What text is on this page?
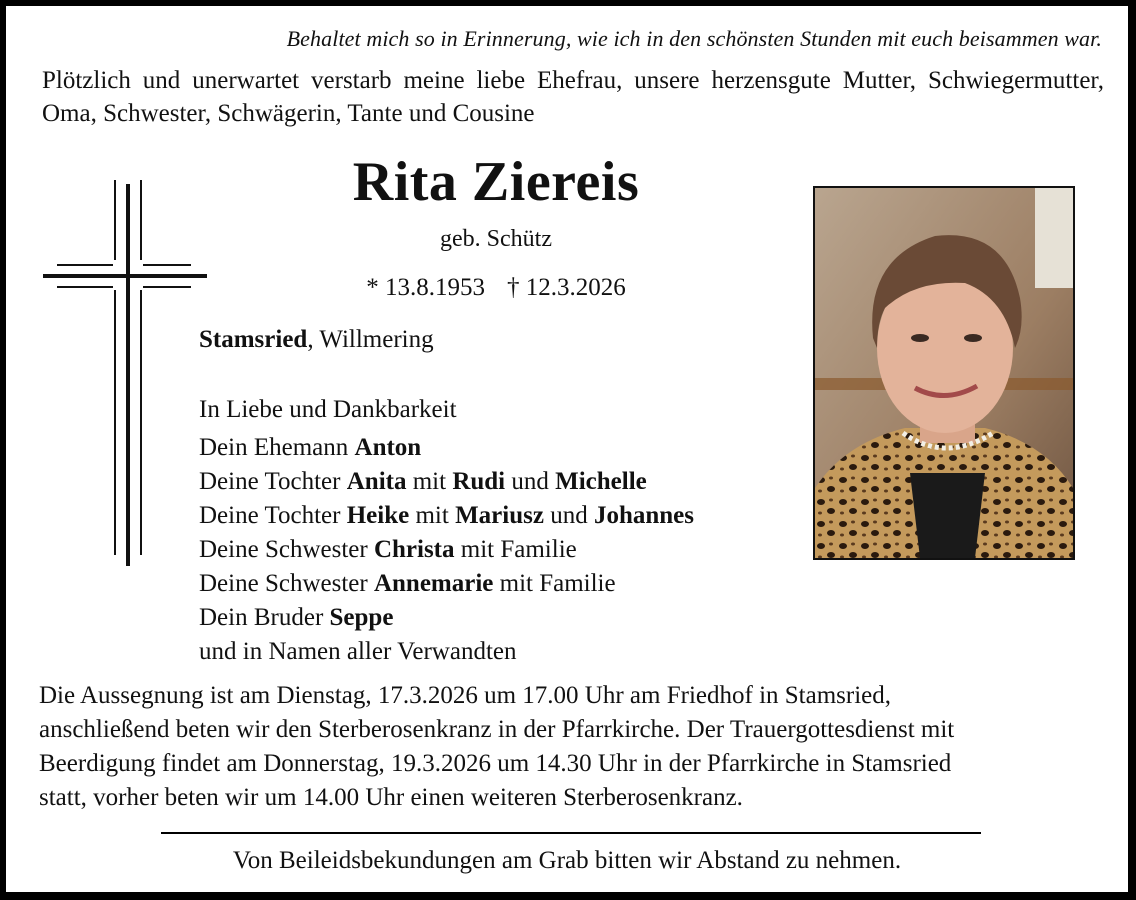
Behaltet mich so in Erinnerung, wie ich in den schönsten Stunden mit euch beisammen war.
Plötzlich und unerwartet verstarb meine liebe Ehefrau, unsere herzensgute Mutter, Schwiegermutter, Oma, Schwester, Schwägerin, Tante und Cousine
Rita Ziereis
geb. Schütz
* 13.8.1953 † 12.3.2026
Stamsried, Willmering
In Liebe und Dankbarkeit
Dein Ehemann Anton
Deine Tochter Anita mit Rudi und Michelle
Deine Tochter Heike mit Mariusz und Johannes
Deine Schwester Christa mit Familie
Deine Schwester Annemarie mit Familie
Dein Bruder Seppe
und in Namen aller Verwandten
Die Aussegnung ist am Dienstag, 17.3.2026 um 17.00 Uhr am Friedhof in Stamsried,
anschließend beten wir den Sterberosenkranz in der Pfarrkirche. Der Trauergottesdienst mit
Beerdigung findet am Donnerstag, 19.3.2026 um 14.30 Uhr in der Pfarrkirche in Stamsried
statt, vorher beten wir um 14.00 Uhr einen weiteren Sterberosenkranz.
Von Beileidsbekundungen am Grab bitten wir Abstand zu nehmen.
